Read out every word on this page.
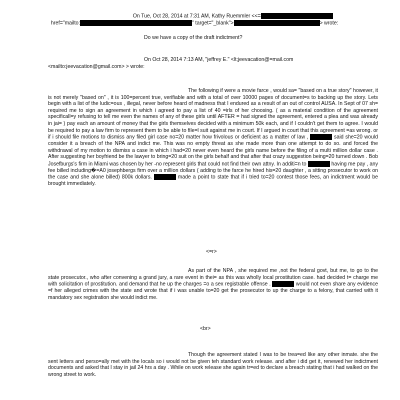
On Tue, Oct 28, 2014 at 7:31 AM, Kathy Ruemmler <<=

href="mailto:	" target="_blank">	> wrote:

Do we have a copy of the draft indictment?
On Oct 28, 2014 7:13 AM, "jeffrey E." <lt;jeevacation@=mail.com
<mailto:jeevacation@gmail.com> > wrote:
The following if were a movie farce , would sa= "based on a true story" however, it is not merely "based on" , it is 100=percent true, verifiable and with a total of over 10000 pages of document=s to backing up the story. Lets begin with a list of the ludic=ous , illegal, never before heard of madness that I endured as a result of an out of control AUSA. In Sept of 07 sh= required me to sign an agreement in which i agreed to pay a list of 40 =irls of her choosing. ( as a material condition of the agreement specificall=y refusing to tell me even the names of any of these girls until AFTER = had signed the agreement, entered a plea and was already in jai= ) pay each an amount of money that the girls themselves decided with a minimum 50k each, and if I couldn't get them to agree. I would be required to pay a law firm to represent them to be able to file=l suit against me in court. If I argued in court that this agreement =as wrong. or if i should file motions to dismiss any filed girl case no=20 matter how frivolous or deficient as a matter of law ,	said she=20 would consider it a breach of the NPA and indict me. This was no empty threat as she made more than one attempt to do so. and forced the withdrawal of my motion to dismiss a case in which i had=20 never even heard the girls name before the filing of a multi million dollar case . After suggesting her boyfriend be the lawyer to bring=20 suit on the girls behalf and that after that crazy suggestion being=20 turned down . Bob Josefburgs's firm in Miami was chosen by her -no represent girls that could not find their own attny. In additi=n to	having me pay , any fee billed including�=A0 josephbergs firm over a million dollars ( adding to the farce he hired his=20 daughter , a sitting prosecutor to work on the case and she alone billed) 800k dollars.	made a point to state that if i tried to=20 contest those fees, an indictment would be brought immediately.
<=r>
As part of the NPA , she required me ,not the federal govt, but me, to go to the state prosecutor., who after convening a grand jury, a rare event in thei= as this was wholly local prostitution case. had decided t= charge me with solicitation of prostitution. and demand that he up the charges =o a sex registrable offense .	would not even share any evidence =f her alleged crimes with the state and wrote that if i was unable to=20 get the prosecutor to up the charge to a felony, that carried with it mandatory sex registration she would indict me.
<br>
Though the agreement stated I was to be trea=ed like any other inmate. she the sent letters and perso=ally met with the locals so i would not be given teh standard work release. and after i did get it, renewed her indictment documents and asked that I stay in jail 24 hrs a day . While on work release she again tr=ed to declare a breach stating that i had walked on the wrong street to work.
